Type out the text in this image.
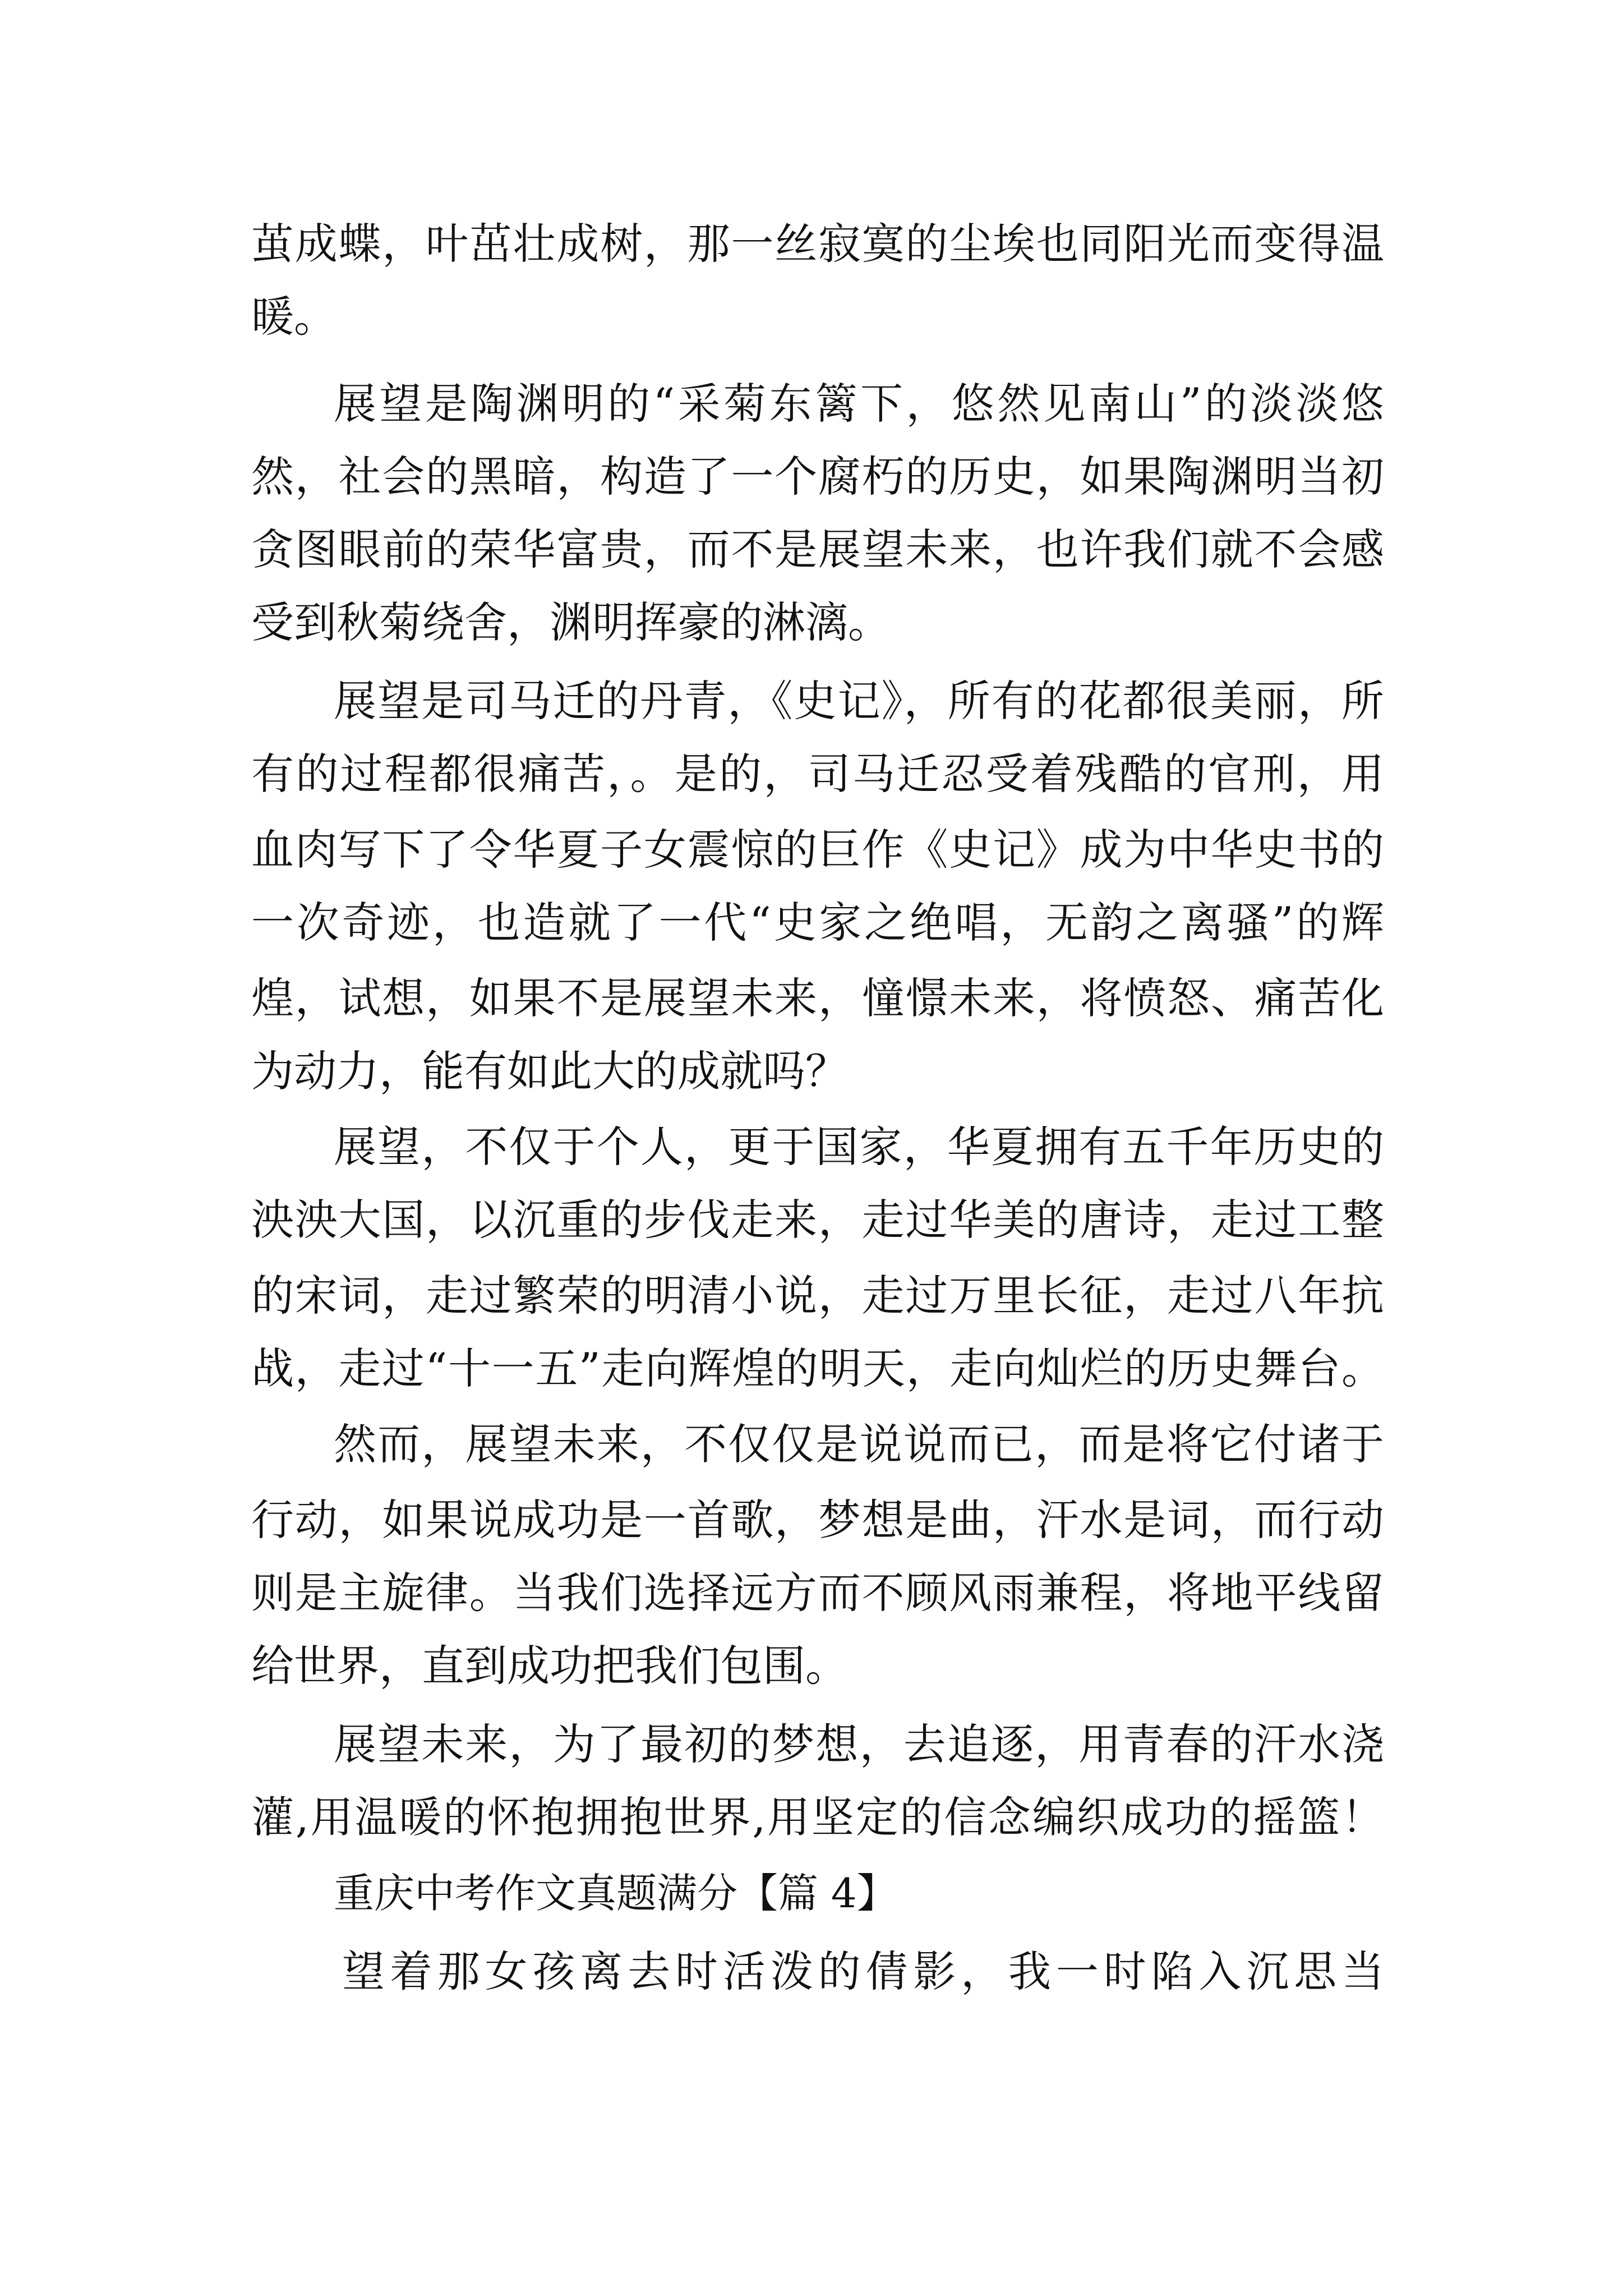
茧成蝶，叶茁壮成树，那一丝寂寞的尘埃也同阳光而变得温
暖。
展望是陶渊明的“采菊东篱下，悠然见南山”的淡淡悠
然，社会的黑暗，构造了一个腐朽的历史，如果陶渊明当初
贪图眼前的荣华富贵，而不是展望未来，也许我们就不会感
受到秋菊绕舍，渊明挥豪的淋漓。
展望是司马迁的丹青，《史记》，所有的花都很美丽，所
有的过程都很痛苦，。是的，司马迁忍受着残酷的官刑，用
血肉写下了令华夏子女震惊的巨作《史记》成为中华史书的
一次奇迹，也造就了一代“史家之绝唱，无韵之离骚”的辉
煌，试想，如果不是展望未来，憧憬未来，将愤怒、痛苦化
为动力，能有如此大的成就吗？
展望，不仅于个人，更于国家，华夏拥有五千年历史的
泱泱大国，以沉重的步伐走来，走过华美的唐诗，走过工整
的宋词，走过繁荣的明清小说，走过万里长征，走过八年抗
战，走过“十一五”走向辉煌的明天，走向灿烂的历史舞台。
然而，展望未来，不仅仅是说说而已，而是将它付诸于
行动，如果说成功是一首歌，梦想是曲，汗水是词，而行动
则是主旋律。当我们选择远方而不顾风雨兼程，将地平线留
给世界，直到成功把我们包围。
展望未来，为了最初的梦想，去追逐，用青春的汗水浇
灌,用温暖的怀抱拥抱世界,用坚定的信念编织成功的摇篮！
重庆中考作文真题满分【篇 4】
望着那女孩离去时活泼的倩影，我一时陷入沉思当
